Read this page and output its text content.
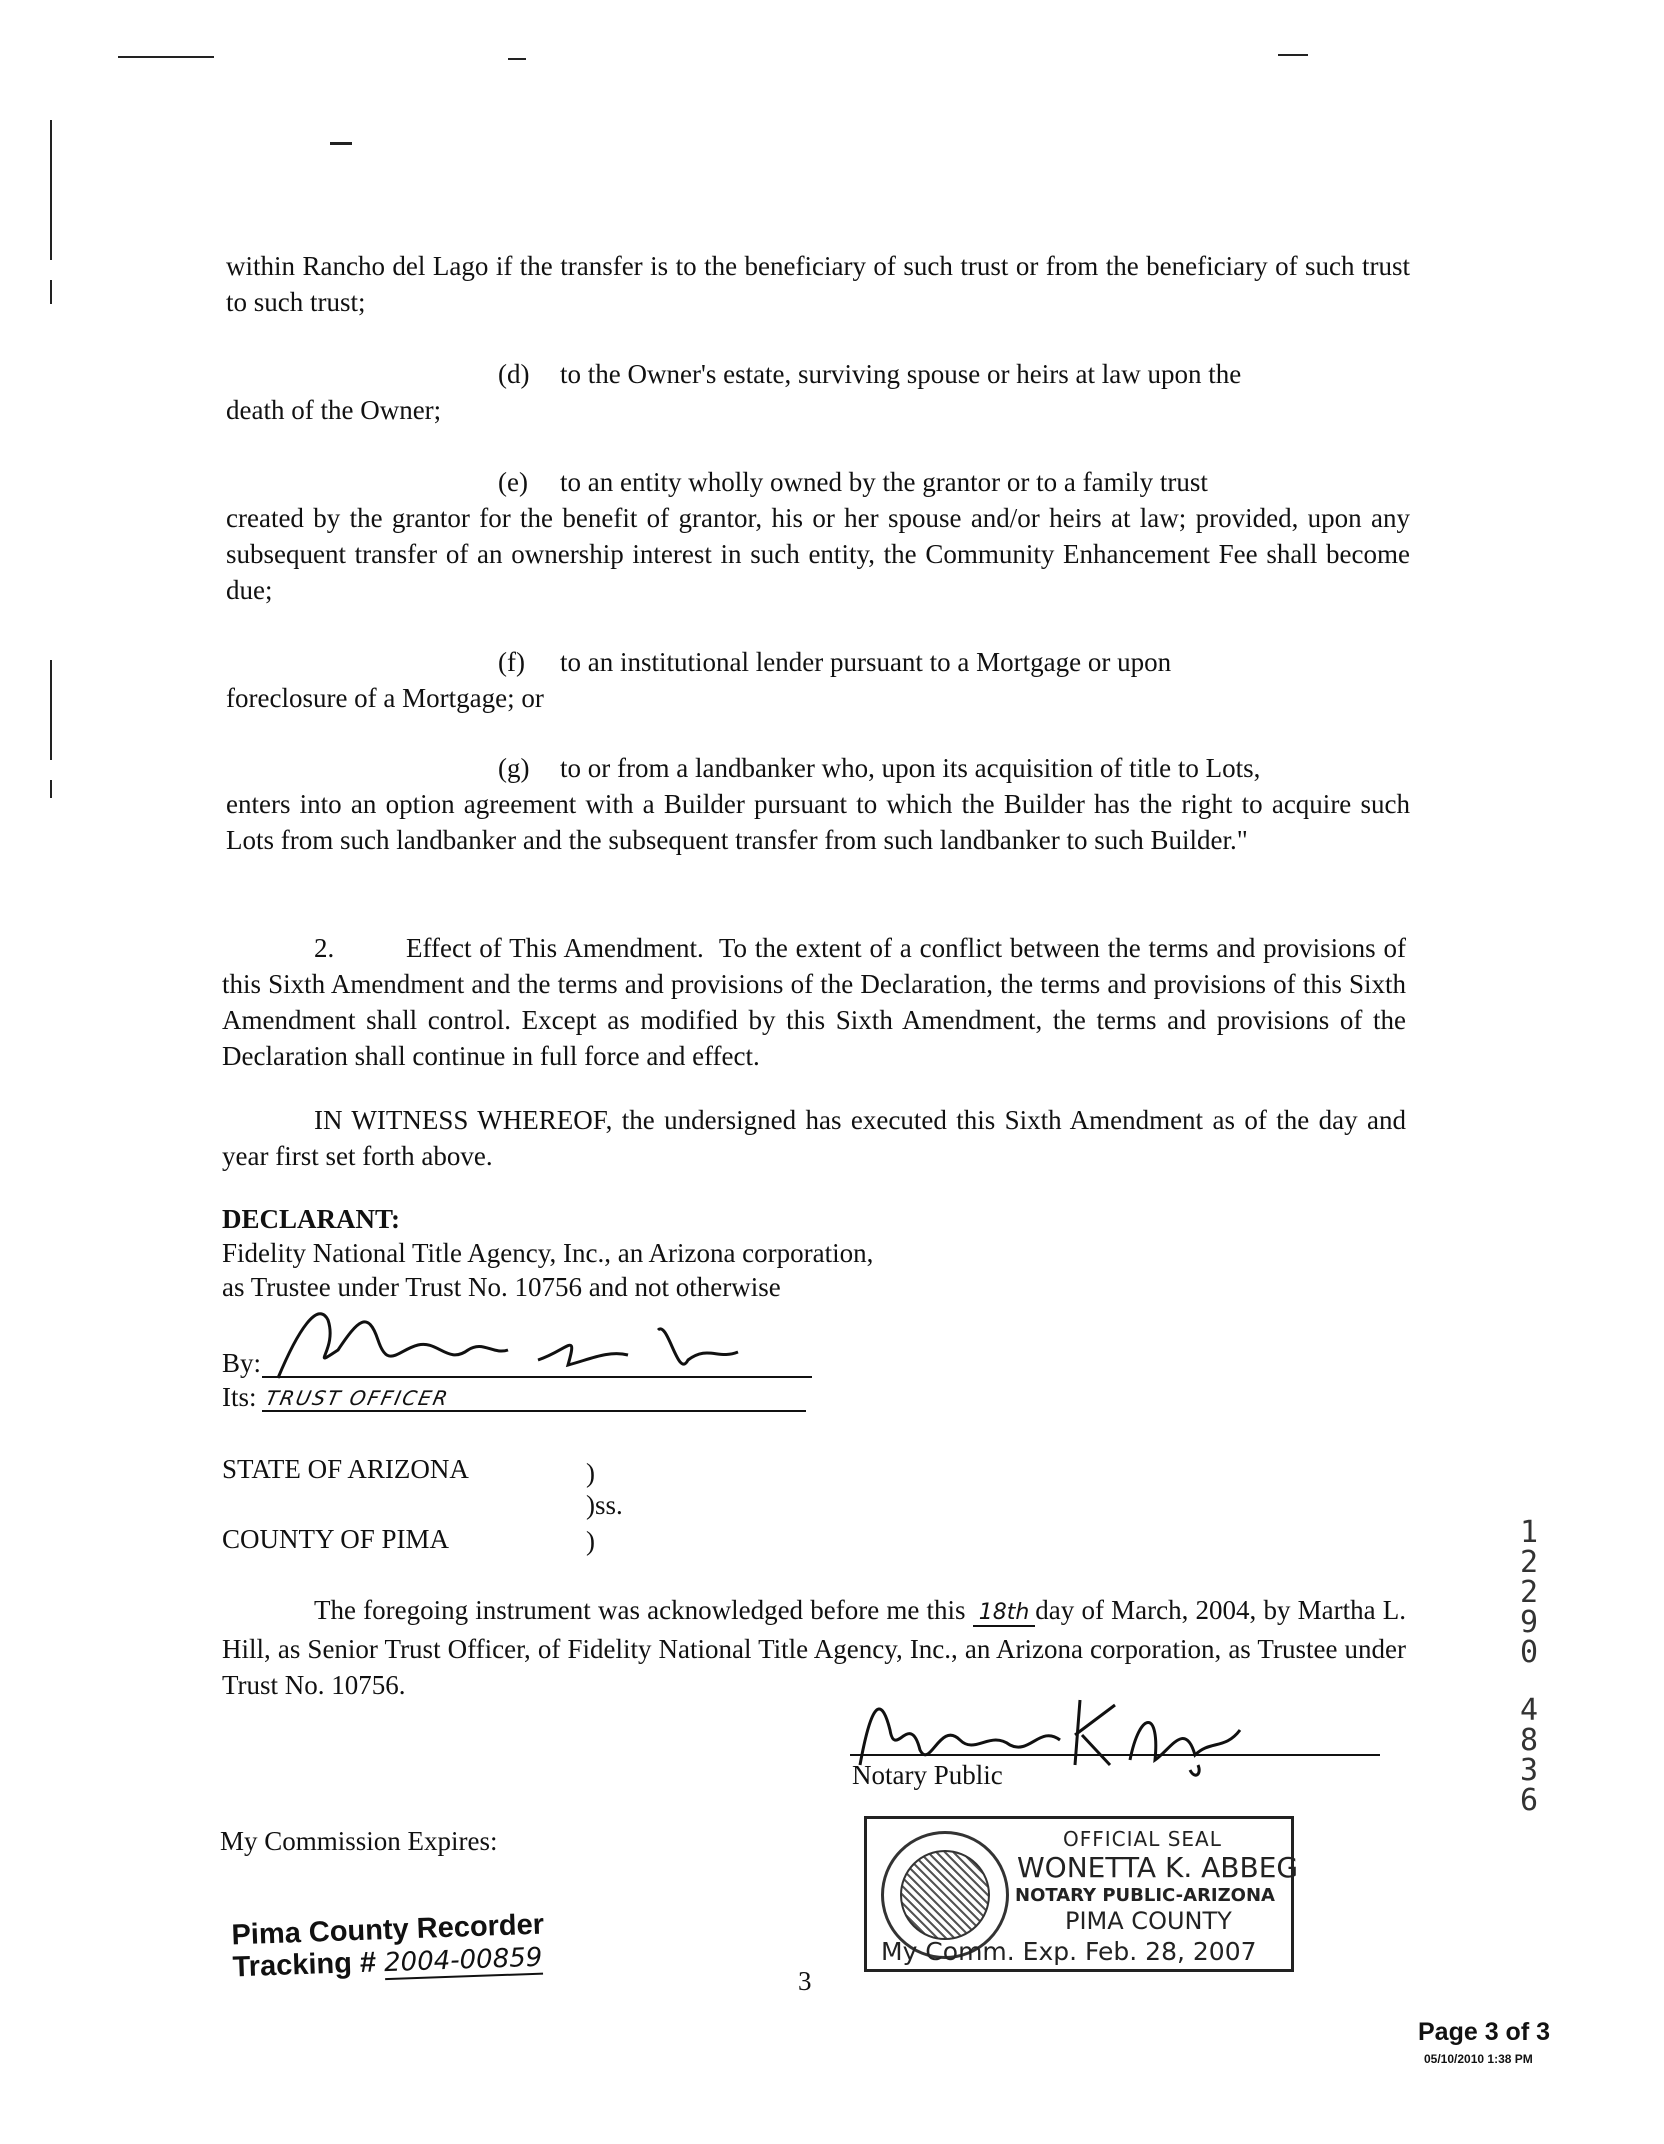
within Rancho del Lago if the transfer is to the beneficiary of such trust or from the beneficiary of such trust to such trust;
(d) to the Owner's estate, surviving spouse or heirs at law upon the
death of the Owner;
(e) to an entity wholly owned by the grantor or to a family trust
created by the grantor for the benefit of grantor, his or her spouse and/or heirs at law; provided, upon any subsequent transfer of an ownership interest in such entity, the Community Enhancement Fee shall become due;
(f) to an institutional lender pursuant to a Mortgage or upon
foreclosure of a Mortgage; or
(g) to or from a landbanker who, upon its acquisition of title to Lots,
enters into an option agreement with a Builder pursuant to which the Builder has the right to acquire such Lots from such landbanker and the subsequent transfer from such landbanker to such Builder."
2.	Effect of This Amendment. To the extent of a conflict between the terms and provisions of this Sixth Amendment and the terms and provisions of the Declaration, the terms and provisions of this Sixth Amendment shall control. Except as modified by this Sixth Amendment, the terms and provisions of the Declaration shall continue in full force and effect.
IN WITNESS WHEREOF, the undersigned has executed this Sixth Amendment as of the day and year first set forth above.
DECLARANT:
Fidelity National Title Agency, Inc., an Arizona corporation,
as Trustee under Trust No. 10756 and not otherwise
By:
Its: TRUST OFFICER
STATE OF ARIZONA	)
)ss.
COUNTY OF PIMA	)
The foregoing instrument was acknowledged before me this 18th day of March, 2004, by Martha L. Hill, as Senior Trust Officer, of Fidelity National Title Agency, Inc., an Arizona corporation, as Trustee under Trust No. 10756.
Notary Public
My Commission Expires:	OFFICIAL SEAL
WONETTA K. ABBEG
NOTARY PUBLIC-ARIZONA
PIMA COUNTY
My Comm. Exp. Feb. 28, 2007
Pima County Recorder
Tracking # 2004-00859
3
1
2
2
9
0
4
8
3
6
Page 3 of 3
05/10/2010 1:38 PM
